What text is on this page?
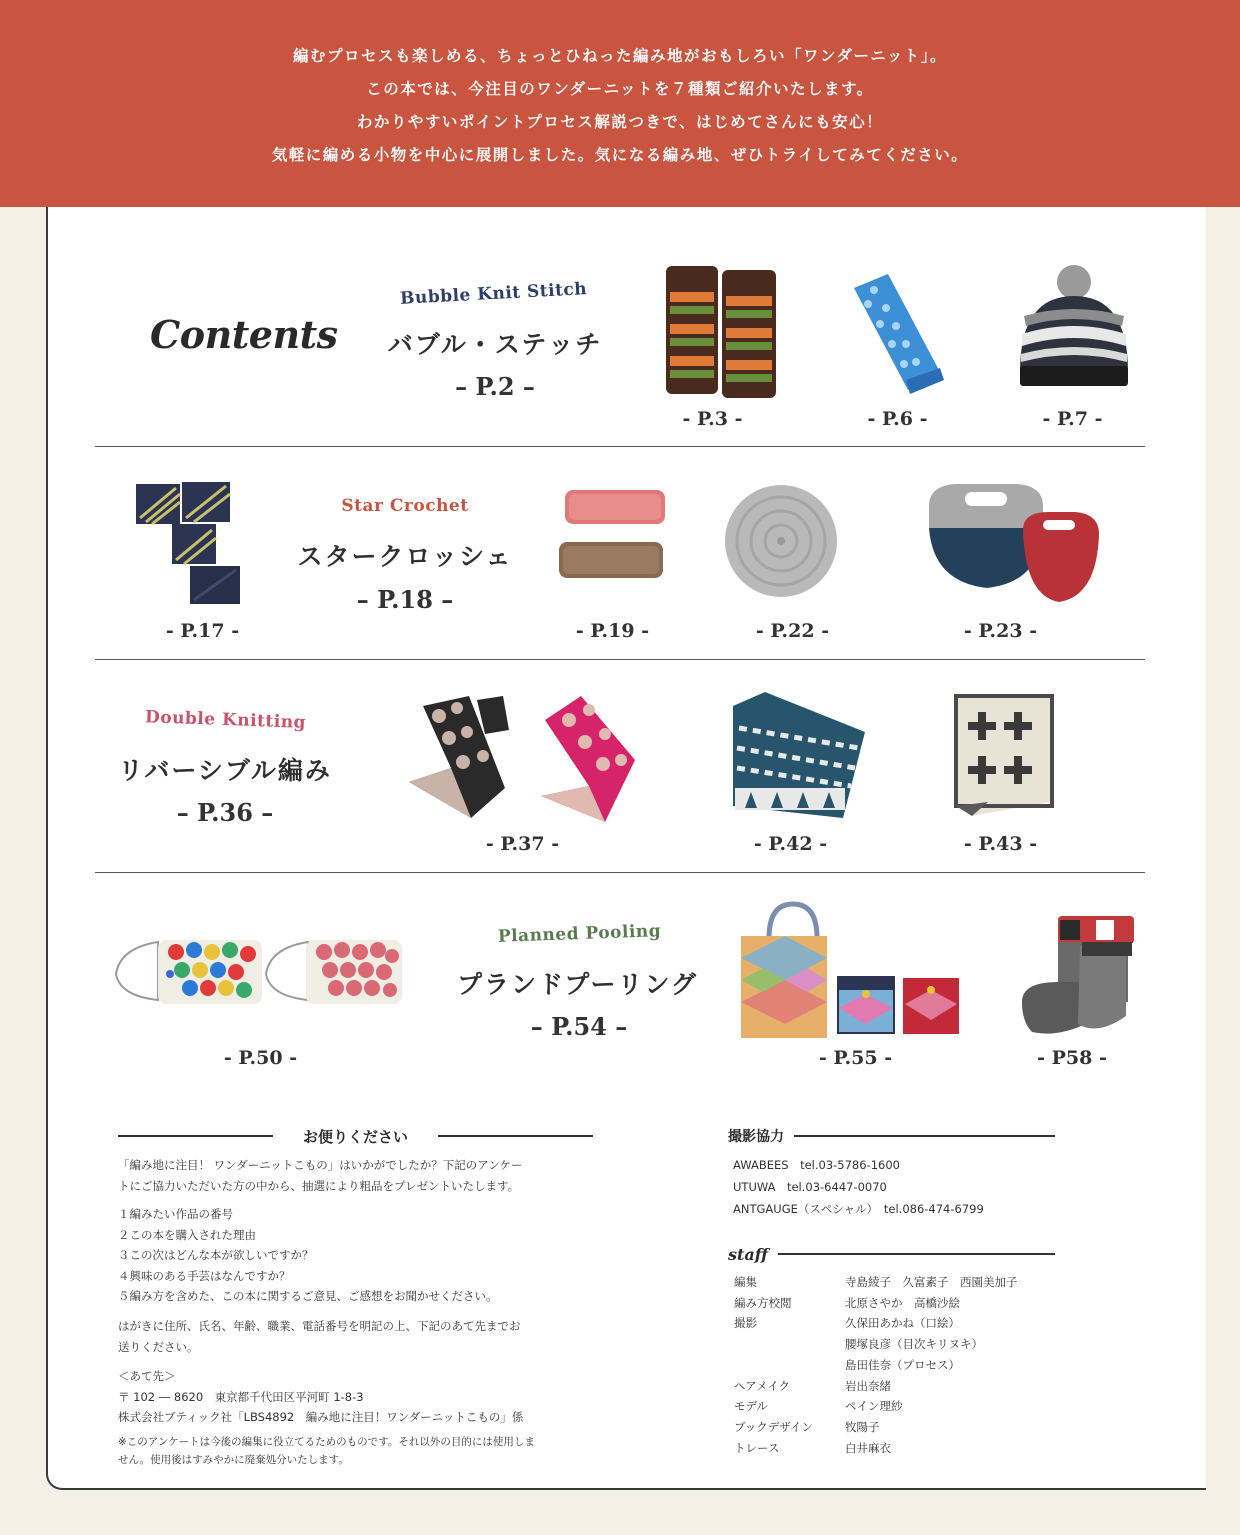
編むプロセスも楽しめる、ちょっとひねった編み地がおもしろい「ワンダーニット」。
この本では、今注目のワンダーニットを７種類ご紹介いたします。
わかりやすいポイントプロセス解説つきで、はじめてさんにも安心！
気軽に編める小物を中心に展開しました。気になる編み地、ぜひトライしてみてください。
Contents
Bubble Knit Stitch
バブル・ステッチ
– P.2 –
- P.3 -	- P.6 -	- P.7 -
- P.17 -
Star Crochet
スタークロッシェ
– P.18 –
- P.19 -	- P.22 -	- P.23 -
Double Knitting
リバーシブル編み
– P.36 –
- P.37 -	- P.42 -	- P.43 -
- P.50 -
Planned Pooling
プランドプーリング
– P.54 –
- P.55 -	- P58 -
お便りください

「編み地に注目！ ワンダーニットこもの」はいかがでしたか？下記のアンケー

トにご協力いただいた方の中から、抽選により粗品をプレゼントいたします。

１編みたい作品の番号

２この本を購入された理由

３この次はどんな本が欲しいですか？

４興味のある手芸はなんですか？

５編み方を含めた、この本に関するご意見、ご感想をお聞かせください。

はがきに住所、氏名、年齢、職業、電話番号を明記の上、下記のあて先までお

送りください。

＜あて先＞

〒 102 ― 8620　東京都千代田区平河町 1-8-3

株式会社ブティック社「LBS4892　編み地に注目！ワンダーニットこもの」係

※このアンケートは今後の編集に役立てるためのものです。それ以外の目的には使用しま

せん。使用後はすみやかに廃棄処分いたします。

撮影協力

AWABEES　tel.03-5786-1600

UTUWA　tel.03-6447-0070

ANTGAUGE（スペシャル）　tel.086-474-6799

staff
編集	寺島綾子　久富素子　西園美加子
編み方校閲	北原さやか　高橋沙絵
撮影	久保田あかね（口絵）
腰塚良彦（目次キリヌキ）
島田佳奈（プロセス）
ヘアメイク	岩出奈緒
モデル	ペイン理紗
ブックデザイン	牧陽子
トレース	白井麻衣
